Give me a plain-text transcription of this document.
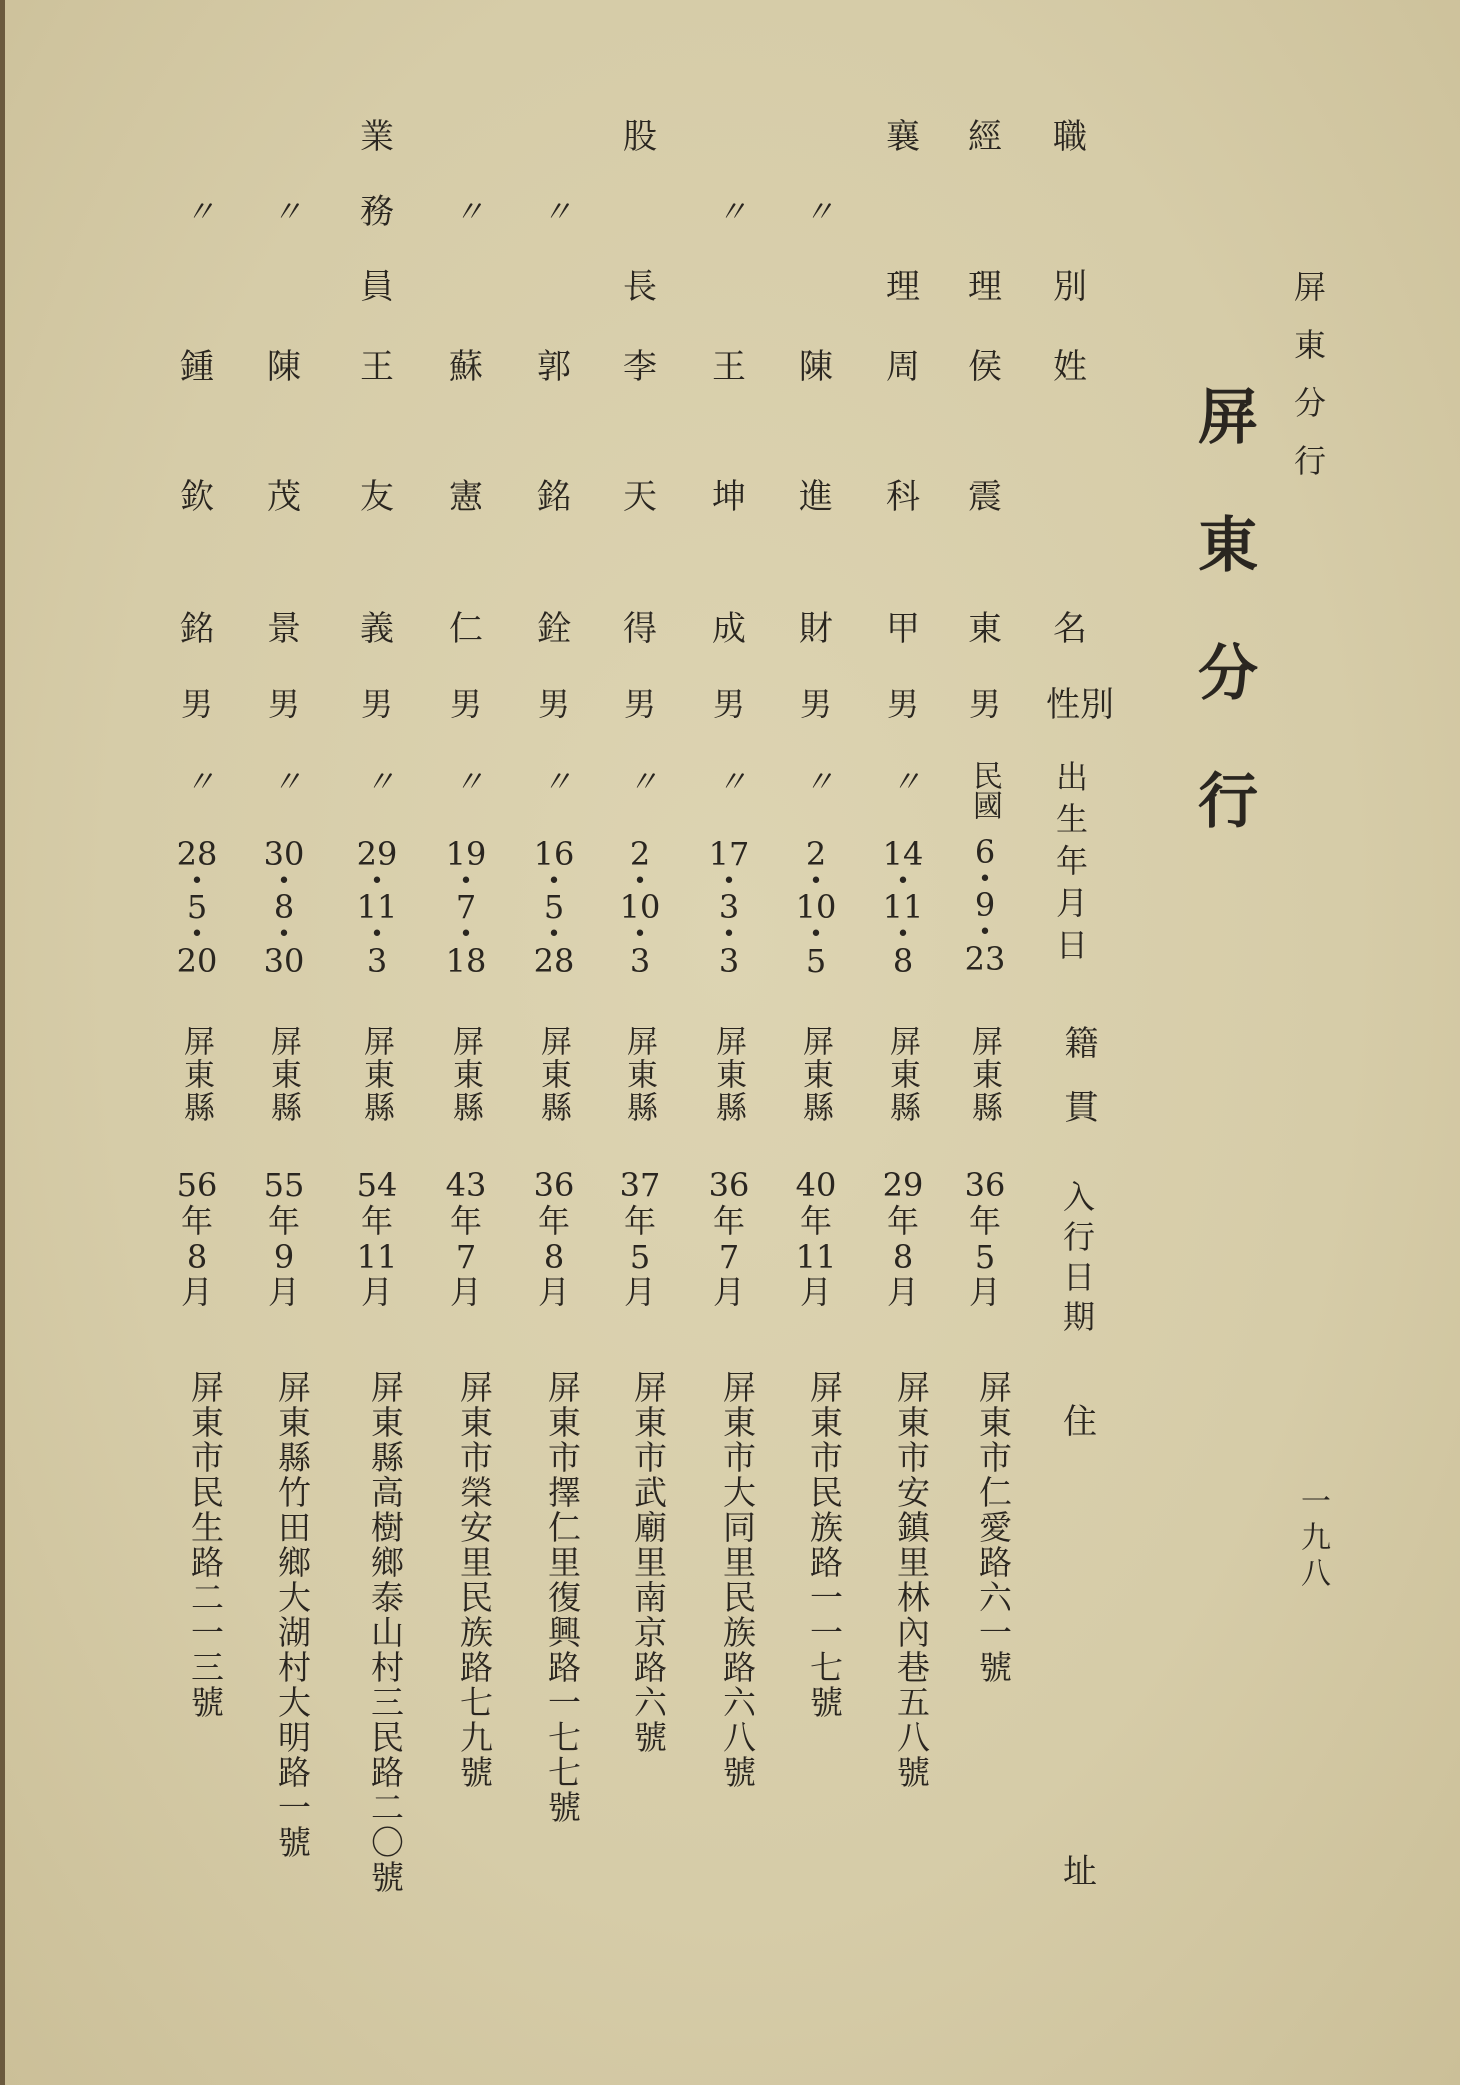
屏東分行
屏東分行
一九八
職
別
姓
名
性別
出生年月日
籍貫
入行日期
住
址
經
理
侯
震
東
男
民國
6
•
9
•
23
屏東縣
36
年
5
月
屏東市仁愛路六一號
襄
理
周
科
甲
男
〃
14
•
11
•
8
屏東縣
29
年
8
月
屏東市安鎮里林內巷五八號
〃
陳
進
財
男
〃
2
•
10
•
5
屏東縣
40
年
11
月
屏東市民族路一一七號
〃
王
坤
成
男
〃
17
•
3
•
3
屏東縣
36
年
7
月
屏東市大同里民族路六八號
股
長
李
天
得
男
〃
2
•
10
•
3
屏東縣
37
年
5
月
屏東市武廟里南京路六號
〃
郭
銘
銓
男
〃
16
•
5
•
28
屏東縣
36
年
8
月
屏東市擇仁里復興路一七七號
〃
蘇
憲
仁
男
〃
19
•
7
•
18
屏東縣
43
年
7
月
屏東市榮安里民族路七九號
業
務
員
王
友
義
男
〃
29
•
11
•
3
屏東縣
54
年
11
月
屏東縣高樹鄉泰山村三民路二〇號
〃
陳
茂
景
男
〃
30
•
8
•
30
屏東縣
55
年
9
月
屏東縣竹田鄉大湖村大明路一號
〃
鍾
欽
銘
男
〃
28
•
5
•
20
屏東縣
56
年
8
月
屏東市民生路二一三號
